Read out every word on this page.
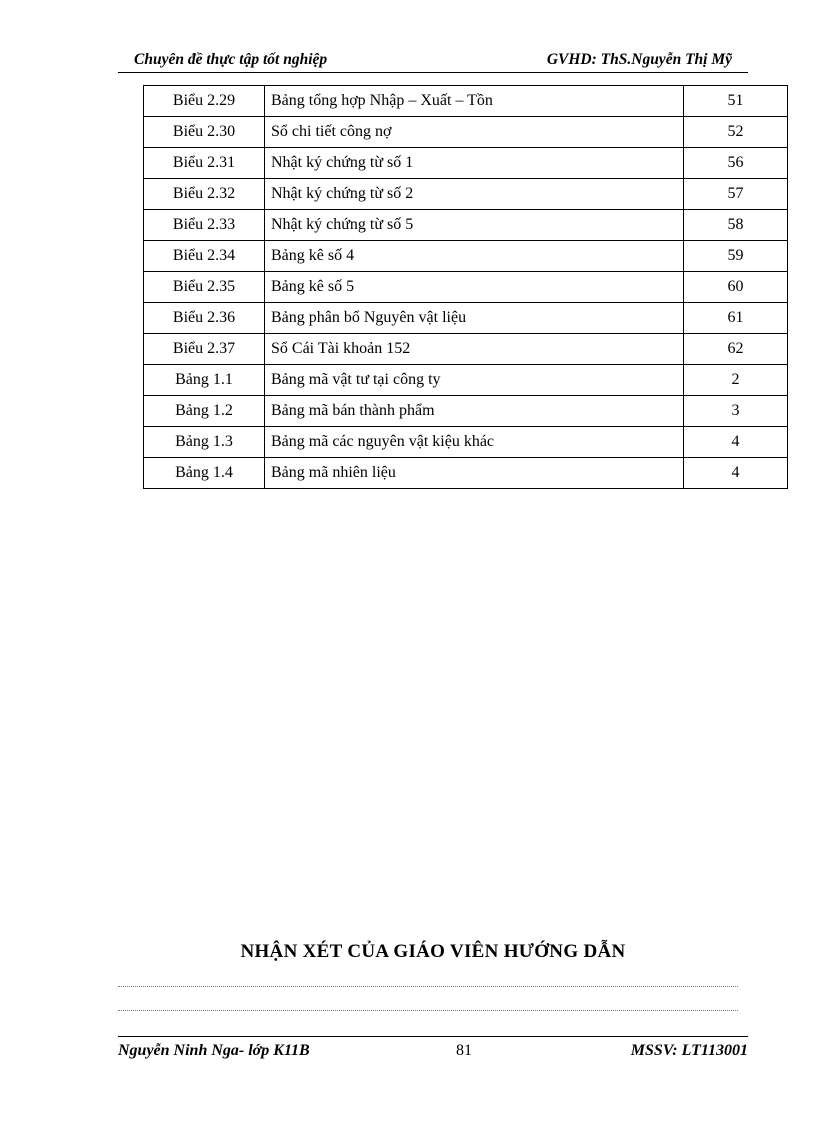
Chuyên đề thực tập tốt nghiệp	GVHD: ThS.Nguyễn Thị Mỹ
Biểu 2.29	Bảng tổng hợp Nhập – Xuất – Tồn	51
Biểu 2.30	Sổ chi tiết công nợ	52
Biểu 2.31	Nhật ký chứng từ số 1	56
Biểu 2.32	Nhật ký chứng từ số 2	57
Biểu 2.33	Nhật ký chứng từ số 5	58
Biểu 2.34	Bảng kê số 4	59
Biểu 2.35	Bảng kê số 5	60
Biểu 2.36	Bảng phân bổ Nguyên vật liệu	61
Biểu 2.37	Sổ Cái Tài khoản 152	62
Bảng 1.1	Bảng mã vật tư tại công ty	2
Bảng 1.2	Bảng mã bán thành phẩm	3
Bảng 1.3	Bảng mã các nguyên vật kiệu khác	4
Bảng 1.4	Bảng mã nhiên liệu	4
NHẬN XÉT CỦA GIÁO VIÊN HƯỚNG DẪN
Nguyễn Ninh Nga- lớp K11B	81	MSSV: LT113001
